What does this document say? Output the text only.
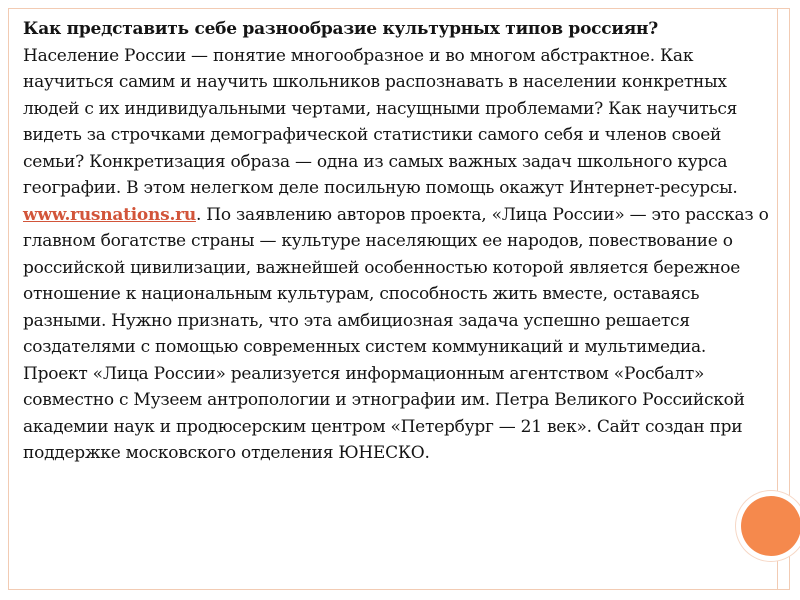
Как представить себе разнообразие культурных типов россиян?
Население России — понятие многообразное и во многом абстрактное. Как научиться самим и научить школьников распознавать в населении конкретных людей с их индивидуальными чертами, насущными проблемами? Как научиться видеть за строчками демографической статистики самого себя и членов своей семьи? Конкретизация образа — одна из самых важных задач школьного курса географии. В этом нелегком деле посильную помощь окажут Интернет-ресурсы.
www.rusnations.ru. По заявлению авторов проекта, «Лица России» — это рассказ о главном богатстве страны — культуре населяющих ее народов, повествование о российской цивилизации, важнейшей особенностью которой является бережное отношение к национальным культурам, способность жить вместе, оставаясь разными. Нужно признать, что эта амбициозная задача успешно решается создателями с помощью современных систем коммуникаций и мультимедиа. Проект «Лица России» реализуется информационным агентством «Росбалт» совместно с Музеем антропологии и этнографии им. Петра Великого Российской академии наук и продюсерским центром «Петербург — 21 век». Сайт создан при поддержке московского отделения ЮНЕСКО.
